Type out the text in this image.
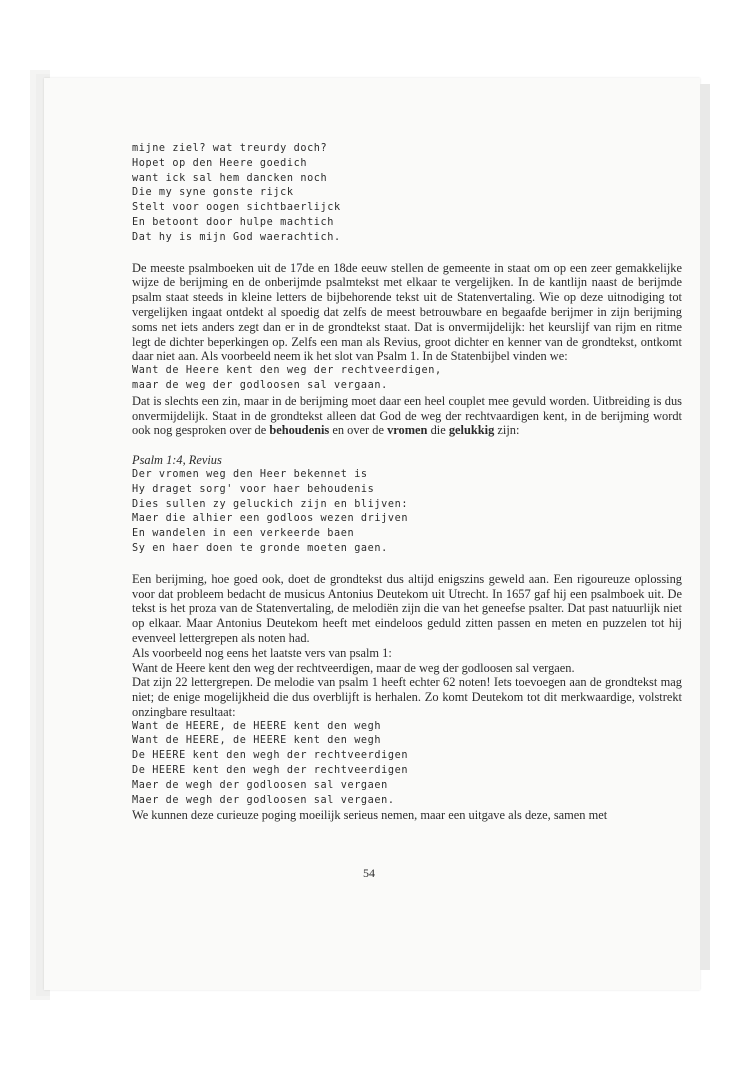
mijne ziel? wat treurdy doch?
Hopet op den Heere goedich
want ick sal hem dancken noch
Die my syne gonste rijck
Stelt voor oogen sichtbaerlijck
En betoont door hulpe machtich
Dat hy is mijn God waerachtich.
De meeste psalmboeken uit de 17de en 18de eeuw stellen de gemeente in staat om op een zeer gemakkelijke wijze de berijming en de onberijmde psalmtekst met elkaar te vergelijken. In de kantlijn naast de berijmde psalm staat steeds in kleine letters de bijbehorende tekst uit de Statenvertaling. Wie op deze uitnodiging tot vergelijken ingaat ontdekt al spoedig dat zelfs de meest betrouwbare en begaafde berijmer in zijn berijming soms net iets anders zegt dan er in de grondtekst staat. Dat is onvermijdelijk: het keurslijf van rijm en ritme legt de dichter beperkingen op. Zelfs een man als Revius, groot dichter en kenner van de grondtekst, ontkomt daar niet aan. Als voorbeeld neem ik het slot van Psalm 1. In de Statenbijbel vinden we:
Want de Heere kent den weg der rechtveerdigen,
maar de weg der godloosen sal vergaan.
Dat is slechts een zin, maar in de berijming moet daar een heel couplet mee gevuld worden. Uitbreiding is dus onvermijdelijk. Staat in de grondtekst alleen dat God de weg der rechtvaardigen kent, in de berijming wordt ook nog gesproken over de behoudenis en over de vromen die gelukkig zijn:
Psalm 1:4, Revius
Der vromen weg den Heer bekennet is
Hy draget sorg' voor haer behoudenis
Dies sullen zy geluckich zijn en blijven:
Maer die alhier een godloos wezen drijven
En wandelen in een verkeerde baen
Sy en haer doen te gronde moeten gaen.
Een berijming, hoe goed ook, doet de grondtekst dus altijd enigszins geweld aan. Een rigoureuze oplossing voor dat probleem bedacht de musicus Antonius Deutekom uit Utrecht. In 1657 gaf hij een psalmboek uit. De tekst is het proza van de Statenvertaling, de melodiën zijn die van het geneefse psalter. Dat past natuurlijk niet op elkaar. Maar Antonius Deutekom heeft met eindeloos geduld zitten passen en meten en puzzelen tot hij evenveel lettergrepen als noten had.
Als voorbeeld nog eens het laatste vers van psalm 1:
Want de Heere kent den weg der rechtveerdigen, maar de weg der godloosen sal vergaen.
Dat zijn 22 lettergrepen. De melodie van psalm 1 heeft echter 62 noten! Iets toevoegen aan de grondtekst mag niet; de enige mogelijkheid die dus overblijft is herhalen. Zo komt Deutekom tot dit merkwaardige, volstrekt onzingbare resultaat:
Want de HEERE, de HEERE kent den wegh
Want de HEERE, de HEERE kent den wegh
De HEERE kent den wegh der rechtveerdigen
De HEERE kent den wegh der rechtveerdigen
Maer de wegh der godloosen sal vergaen
Maer de wegh der godloosen sal vergaen.
We kunnen deze curieuze poging moeilijk serieus nemen, maar een uitgave als deze, samen met
54
